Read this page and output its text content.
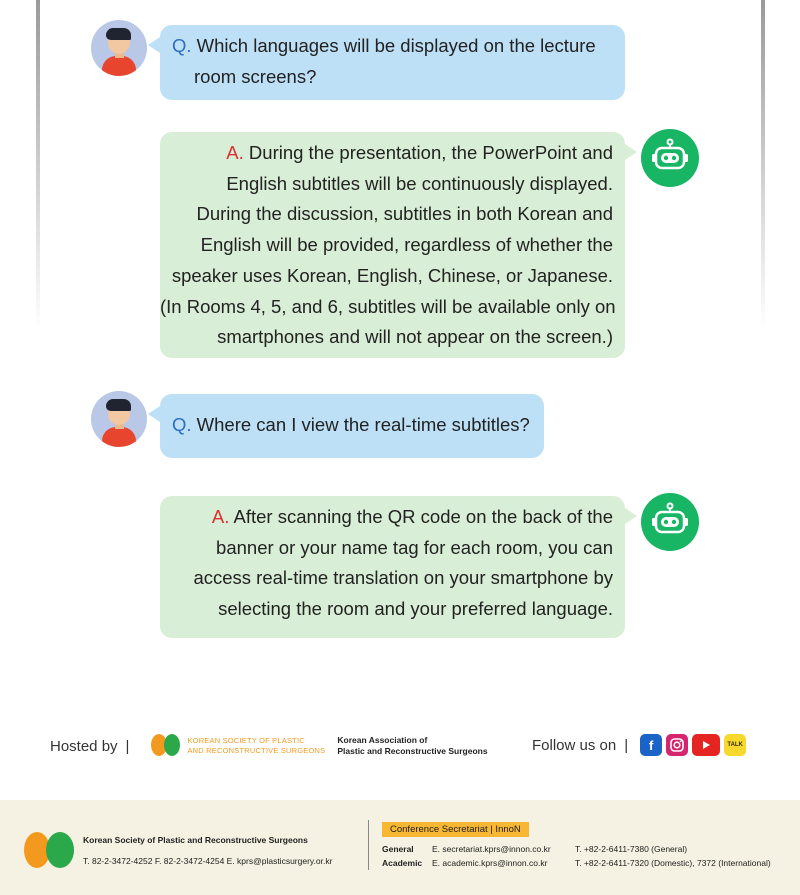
Q. Which languages will be displayed on the lecture
room screens?
A. During the presentation, the PowerPoint and
English subtitles will be continuously displayed.
During the discussion, subtitles in both Korean and
English will be provided, regardless of whether the
speaker uses Korean, English, Chinese, or Japanese.
(In Rooms 4, 5, and 6, subtitles will be available only on
smartphones and will not appear on the screen.)
Q. Where can I view the real-time subtitles?
A. After scanning the QR code on the back of the
banner or your name tag for each room, you can
access real-time translation on your smartphone by
selecting the room and your preferred language.
Hosted by |	KOREAN SOCIETY OF PLASTIC
AND RECONSTRUCTIVE SURGEONS
Korean Association of
Plastic and Reconstructive Surgeons	Follow us on |	f	TALK
Korean Society of Plastic and Reconstructive Surgeons
T. 82-2-3472-4252 F. 82-2-3472-4254 E. kprs@plasticsurgery.or.kr
Conference Secretariat | InnoN
General E. secretariat.kprs@innon.co.kr	T. +82-2-6411-7380 (General)
Academic E. academic.kprs@innon.co.kr	T. +82-2-6411-7320 (Domestic), 7372 (International)
